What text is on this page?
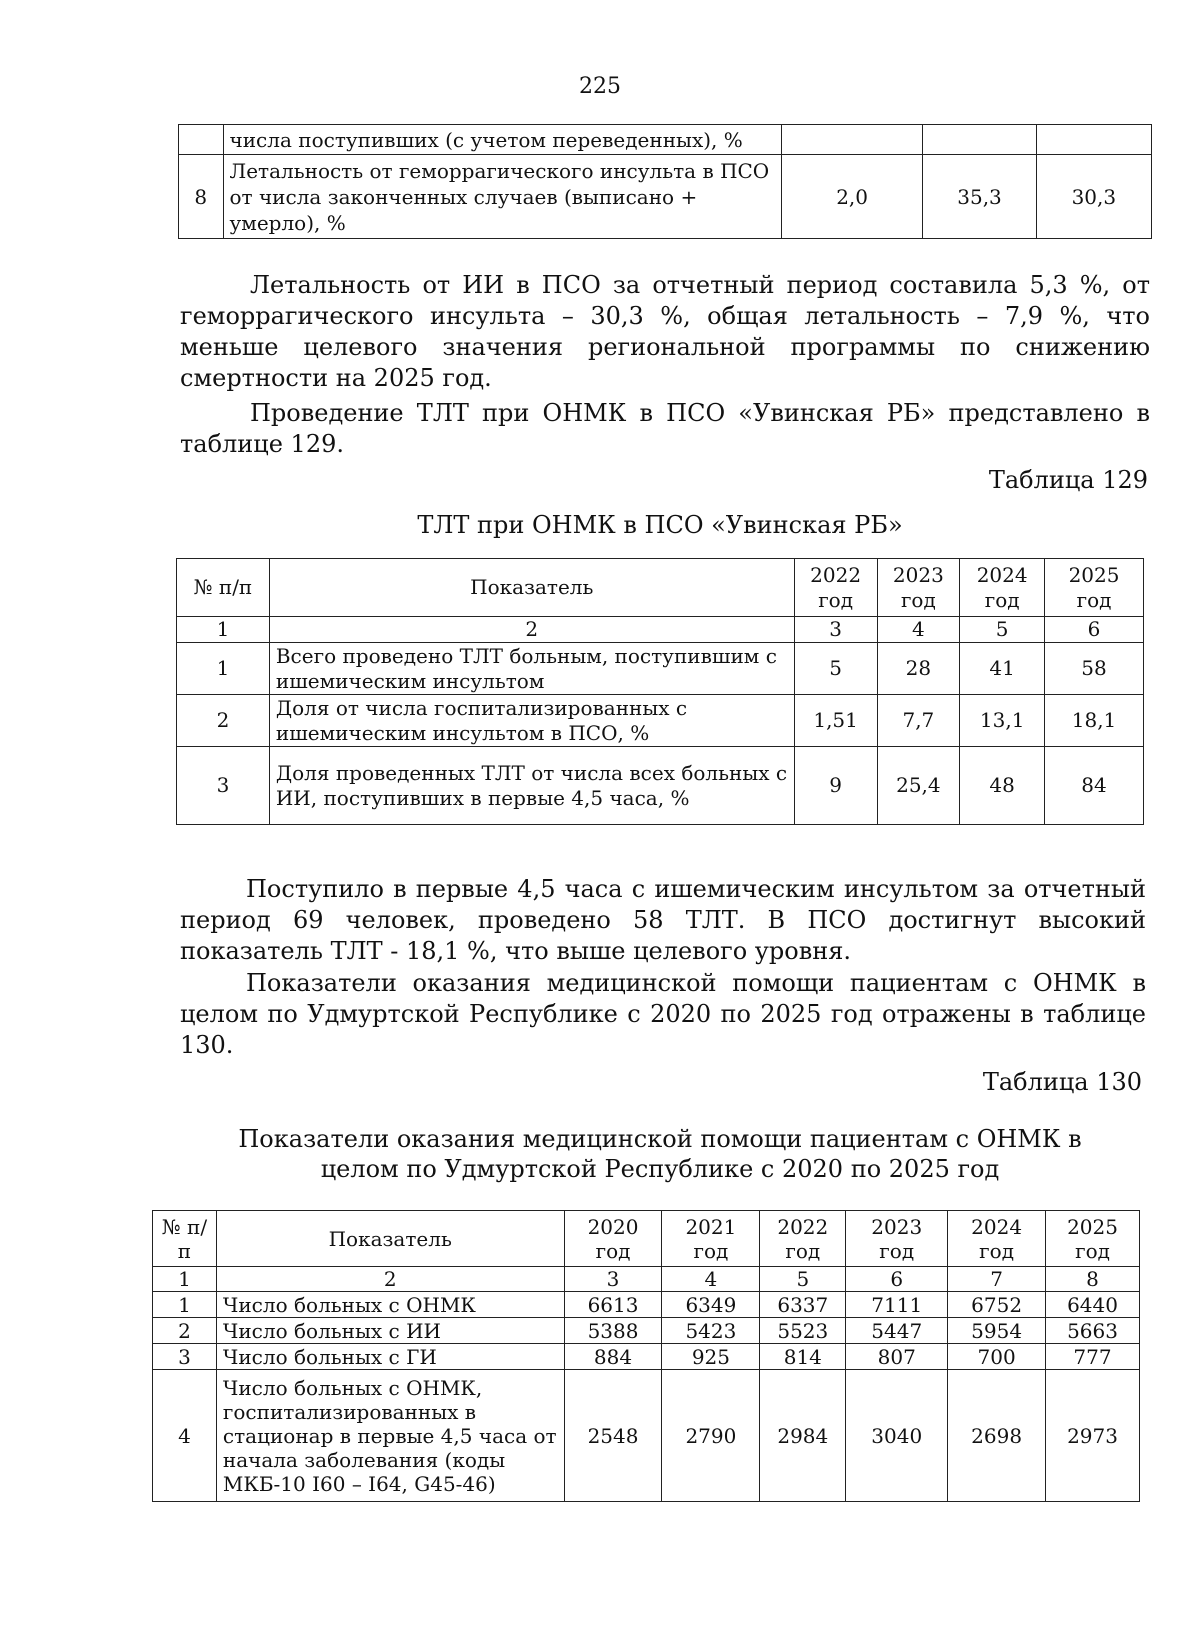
225
	числа поступивших (с учетом переведенных), %			
8	Летальность от геморрагического инсульта в ПСО от числа законченных случаев (выписано + умерло), %	2,0	35,3	30,3
Летальность от ИИ в ПСО за отчетный период составила 5,3 %, от геморрагического инсульта – 30,3 %, общая летальность – 7,9 %, что меньше целевого значения региональной программы по снижению смертности на 2025 год.
Проведение ТЛТ при ОНМК в ПСО «Увинская РБ» представлено в таблице 129.
Таблица 129
ТЛТ при ОНМК в ПСО «Увинская РБ»
№ п/п	Показатель	2022 год	2023 год	2024 год	2025 год
1	2	3	4	5	6
1	Всего проведено ТЛТ больным, поступившим с ишемическим инсультом	5	28	41	58
2	Доля от числа госпитализированных с ишемическим инсультом в ПСО, %	1,51	7,7	13,1	18,1
3	Доля проведенных ТЛТ от числа всех больных с ИИ, поступивших в первые 4,5 часа, %	9	25,4	48	84
Поступило в первые 4,5 часа с ишемическим инсультом за отчетный период 69 человек, проведено 58 ТЛТ. В ПСО достигнут высокий показатель ТЛТ - 18,1 %, что выше целевого уровня.
Показатели оказания медицинской помощи пациентам с ОНМК в целом по Удмуртской Республике с 2020 по 2025 год отражены в таблице 130.
Таблица 130
Показатели оказания медицинской помощи пациентам с ОНМК в целом по Удмуртской Республике с 2020 по 2025 год
№ п/п	Показатель	2020 год	2021 год	2022 год	2023 год	2024 год	2025 год
1	2	3	4	5	6	7	8
1	Число больных с ОНМК	6613	6349	6337	7111	6752	6440
2	Число больных с ИИ	5388	5423	5523	5447	5954	5663
3	Число больных с ГИ	884	925	814	807	700	777
4	Число больных с ОНМК, госпитализированных в стационар в первые 4,5 часа от начала заболевания (коды МКБ-10 I60 – I64, G45-46)	2548	2790	2984	3040	2698	2973
